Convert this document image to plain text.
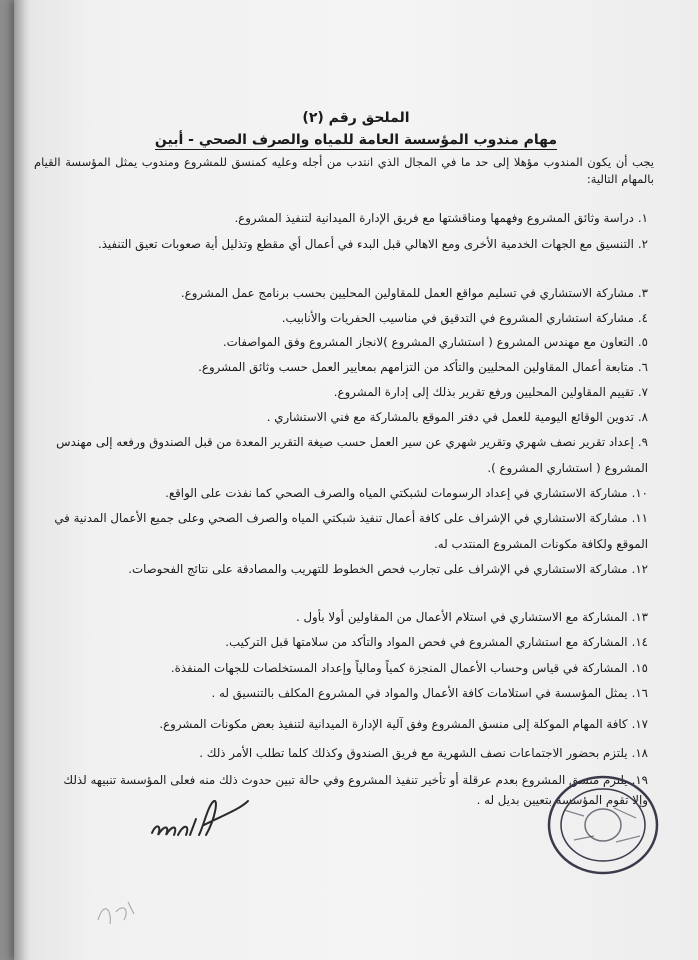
الملحق رقم (٢)
مهام مندوب المؤسسة العامة للمياه والصرف الصحي - أبين
يجب أن يكون المندوب مؤهلا إلى حد ما في المجال الذي انتدب من أجله وعليه كمنسق للمشروع ومندوب يمثل المؤسسة القيام بالمهام التالية:
١.دراسة وثائق المشروع وفهمها ومناقشتها مع فريق الإدارة الميدانية لتنفيذ المشروع.
٢.التنسيق مع الجهات الخدمية الأخرى ومع الاهالي قبل البدء في أعمال أي مقطع وتذليل أية صعوبات تعيق التنفيذ.
٣.مشاركة الاستشاري في تسليم مواقع العمل للمقاولين المحليين بحسب برنامج عمل المشروع.
٤.مشاركة استشاري المشروع في التدقيق في مناسيب الحفريات والأنابيب.
٥.التعاون مع مهندس المشروع ( استشاري المشروع )لانجاز المشروع وفق المواصفات.
٦.متابعة أعمال المقاولين المحليين والتأكد من التزامهم بمعايير العمل حسب وثائق المشروع.
٧.تقييم المقاولين المحليين ورفع تقرير بذلك إلى إدارة المشروع.
٨.تدوين الوقائع اليومية للعمل في دفتر الموقع بالمشاركة مع فني الاستشاري .
٩.إعداد تقرير نصف شهري وتقرير شهري عن سير العمل حسب صيغة التقرير المعدة من قبل الصندوق ورفعه إلى مهندس المشروع ( استشاري المشروع ).
١٠.مشاركة الاستشاري في إعداد الرسومات لشبكتي المياه والصرف الصحي كما نفذت على الواقع.
١١.مشاركة الاستشاري في الإشراف على كافة أعمال تنفيذ شبكتي المياه والصرف الصحي وعلى جميع الأعمال المدنية في الموقع ولكافة مكونات المشروع المنتدب له.
١٢.مشاركة الاستشاري في الإشراف على تجارب فحص الخطوط للتهريب والمصادقة على نتائج الفحوصات.
١٣.المشاركة مع الاستشاري في استلام الأعمال من المقاولين أولا بأول .
١٤.المشاركة مع استشاري المشروع في فحص المواد والتأكد من سلامتها قبل التركيب.
١٥.المشاركة في قياس وحساب الأعمال المنجزة كمياً ومالياً وإعداد المستخلصات للجهات المنفذة.
١٦.يمثل المؤسسة في استلامات كافة الأعمال والمواد في المشروع المكلف بالتنسيق له .
١٧.كافة المهام الموكلة إلى منسق المشروع وفق آلية الإدارة الميدانية لتنفيذ بعض مكونات المشروع.
١٨.يلتزم بحضور الاجتماعات نصف الشهرية مع فريق الصندوق وكذلك كلما تطلب الأمر ذلك .
١٩.يلتزم منسق المشروع بعدم عرقلة أو تأخير تنفيذ المشروع وفي حالة تبين حدوث ذلك منه فعلى المؤسسة تنبيهه لذلك وإلا تقوم المؤسسة بتعيين بديل له .
